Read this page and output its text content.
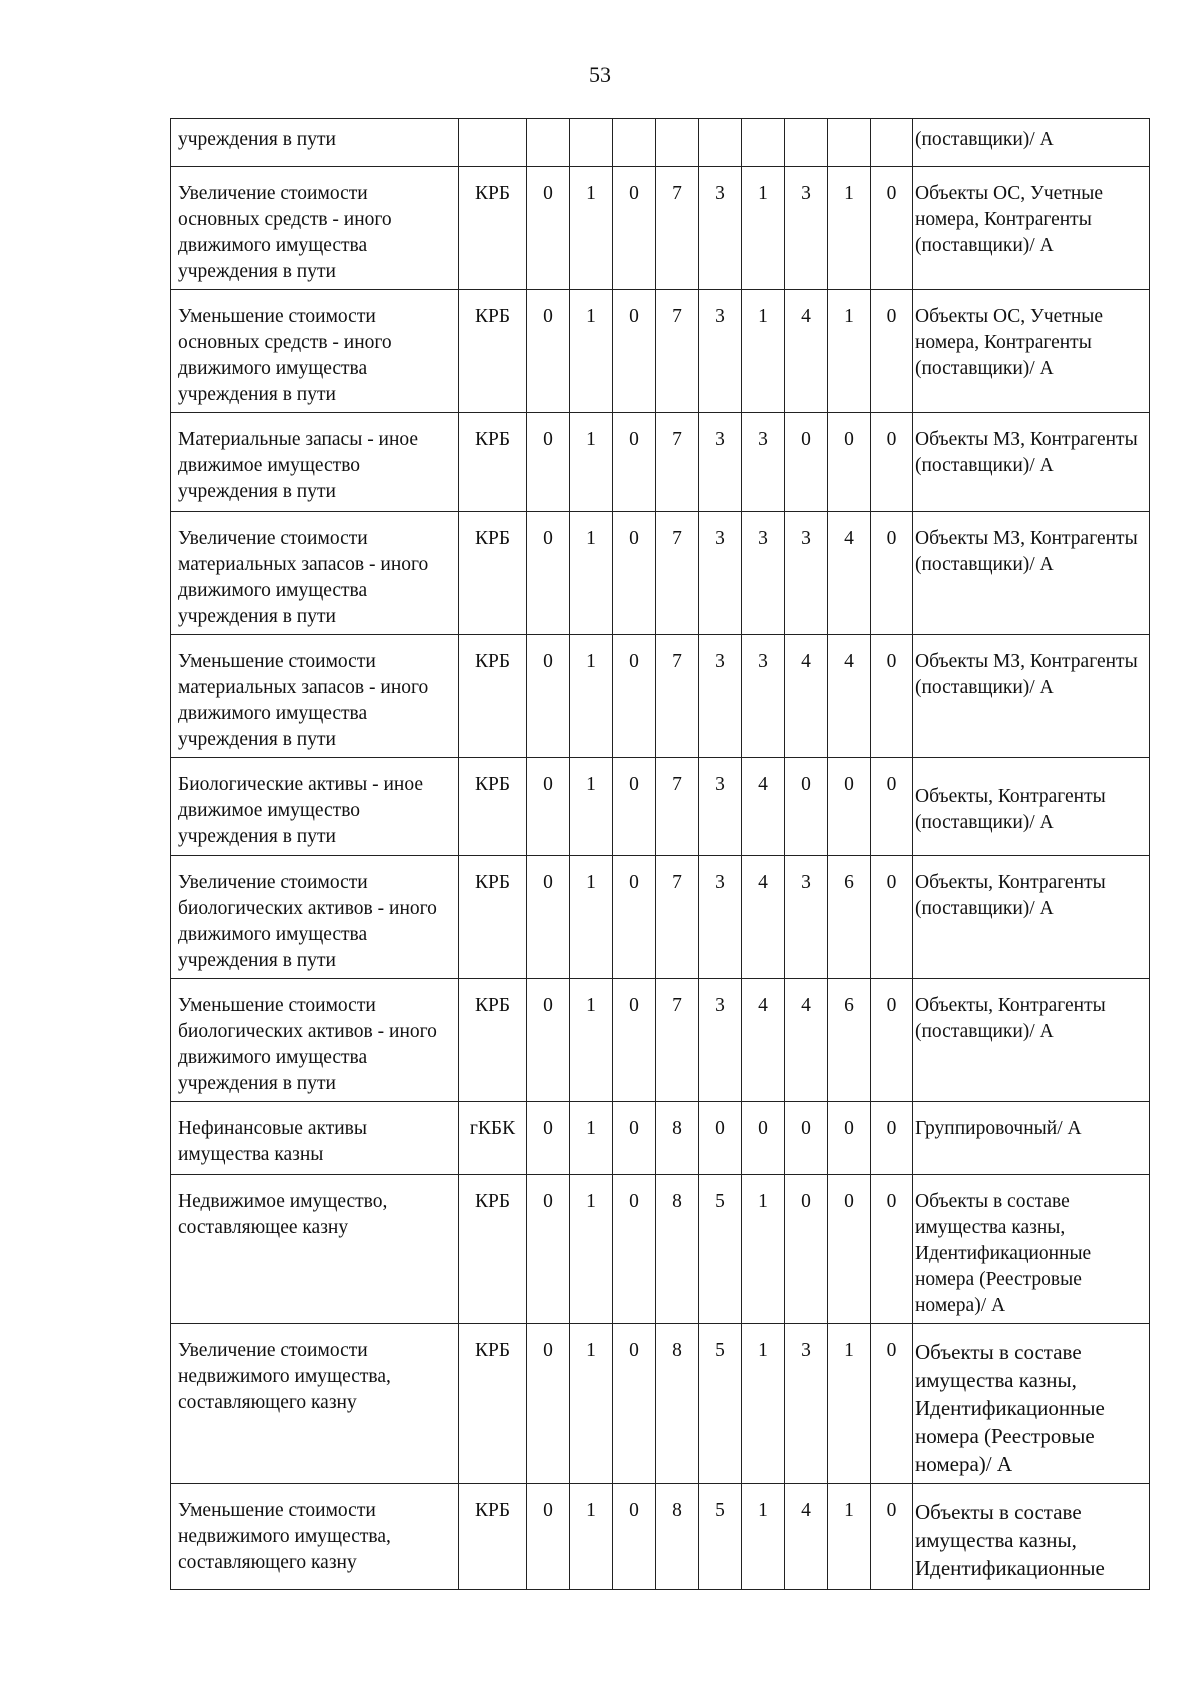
53
учреждения в пути											(поставщики)/ А
Увеличение стоимости основных средств - иного движимого имущества учреждения в пути	КРБ	0	1	0	7	3	1	3	1	0	Объекты ОС, Учетные номера, Контрагенты (поставщики)/ А
Уменьшение стоимости основных средств - иного движимого имущества учреждения в пути	КРБ	0	1	0	7	3	1	4	1	0	Объекты ОС, Учетные номера, Контрагенты (поставщики)/ А
Материальные запасы - иное движимое имущество учреждения в пути	КРБ	0	1	0	7	3	3	0	0	0	Объекты МЗ, Контрагенты (поставщики)/ А
Увеличение стоимости материальных запасов - иного движимого имущества учреждения в пути	КРБ	0	1	0	7	3	3	3	4	0	Объекты МЗ, Контрагенты (поставщики)/ А
Уменьшение стоимости материальных запасов - иного движимого имущества учреждения в пути	КРБ	0	1	0	7	3	3	4	4	0	Объекты МЗ, Контрагенты (поставщики)/ А
Биологические активы - иное движимое имущество учреждения в пути	КРБ	0	1	0	7	3	4	0	0	0	Объекты, Контрагенты (поставщики)/ А
Увеличение стоимости биологических активов - иного движимого имущества учреждения в пути	КРБ	0	1	0	7	3	4	3	6	0	Объекты, Контрагенты (поставщики)/ А
Уменьшение стоимости биологических активов - иного движимого имущества учреждения в пути	КРБ	0	1	0	7	3	4	4	6	0	Объекты, Контрагенты (поставщики)/ А
Нефинансовые активы имущества казны	гКБК	0	1	0	8	0	0	0	0	0	Группировочный/ А
Недвижимое имущество, составляющее казну	КРБ	0	1	0	8	5	1	0	0	0	Объекты в составе имущества казны, Идентификационные номера (Реестровые номера)/ А
Увеличение стоимости недвижимого имущества, составляющего казну	КРБ	0	1	0	8	5	1	3	1	0	Объекты в составе имущества казны, Идентификационные номера (Реестровые номера)/ А
Уменьшение стоимости недвижимого имущества, составляющего казну	КРБ	0	1	0	8	5	1	4	1	0	Объекты в составе имущества казны, Идентификационные
